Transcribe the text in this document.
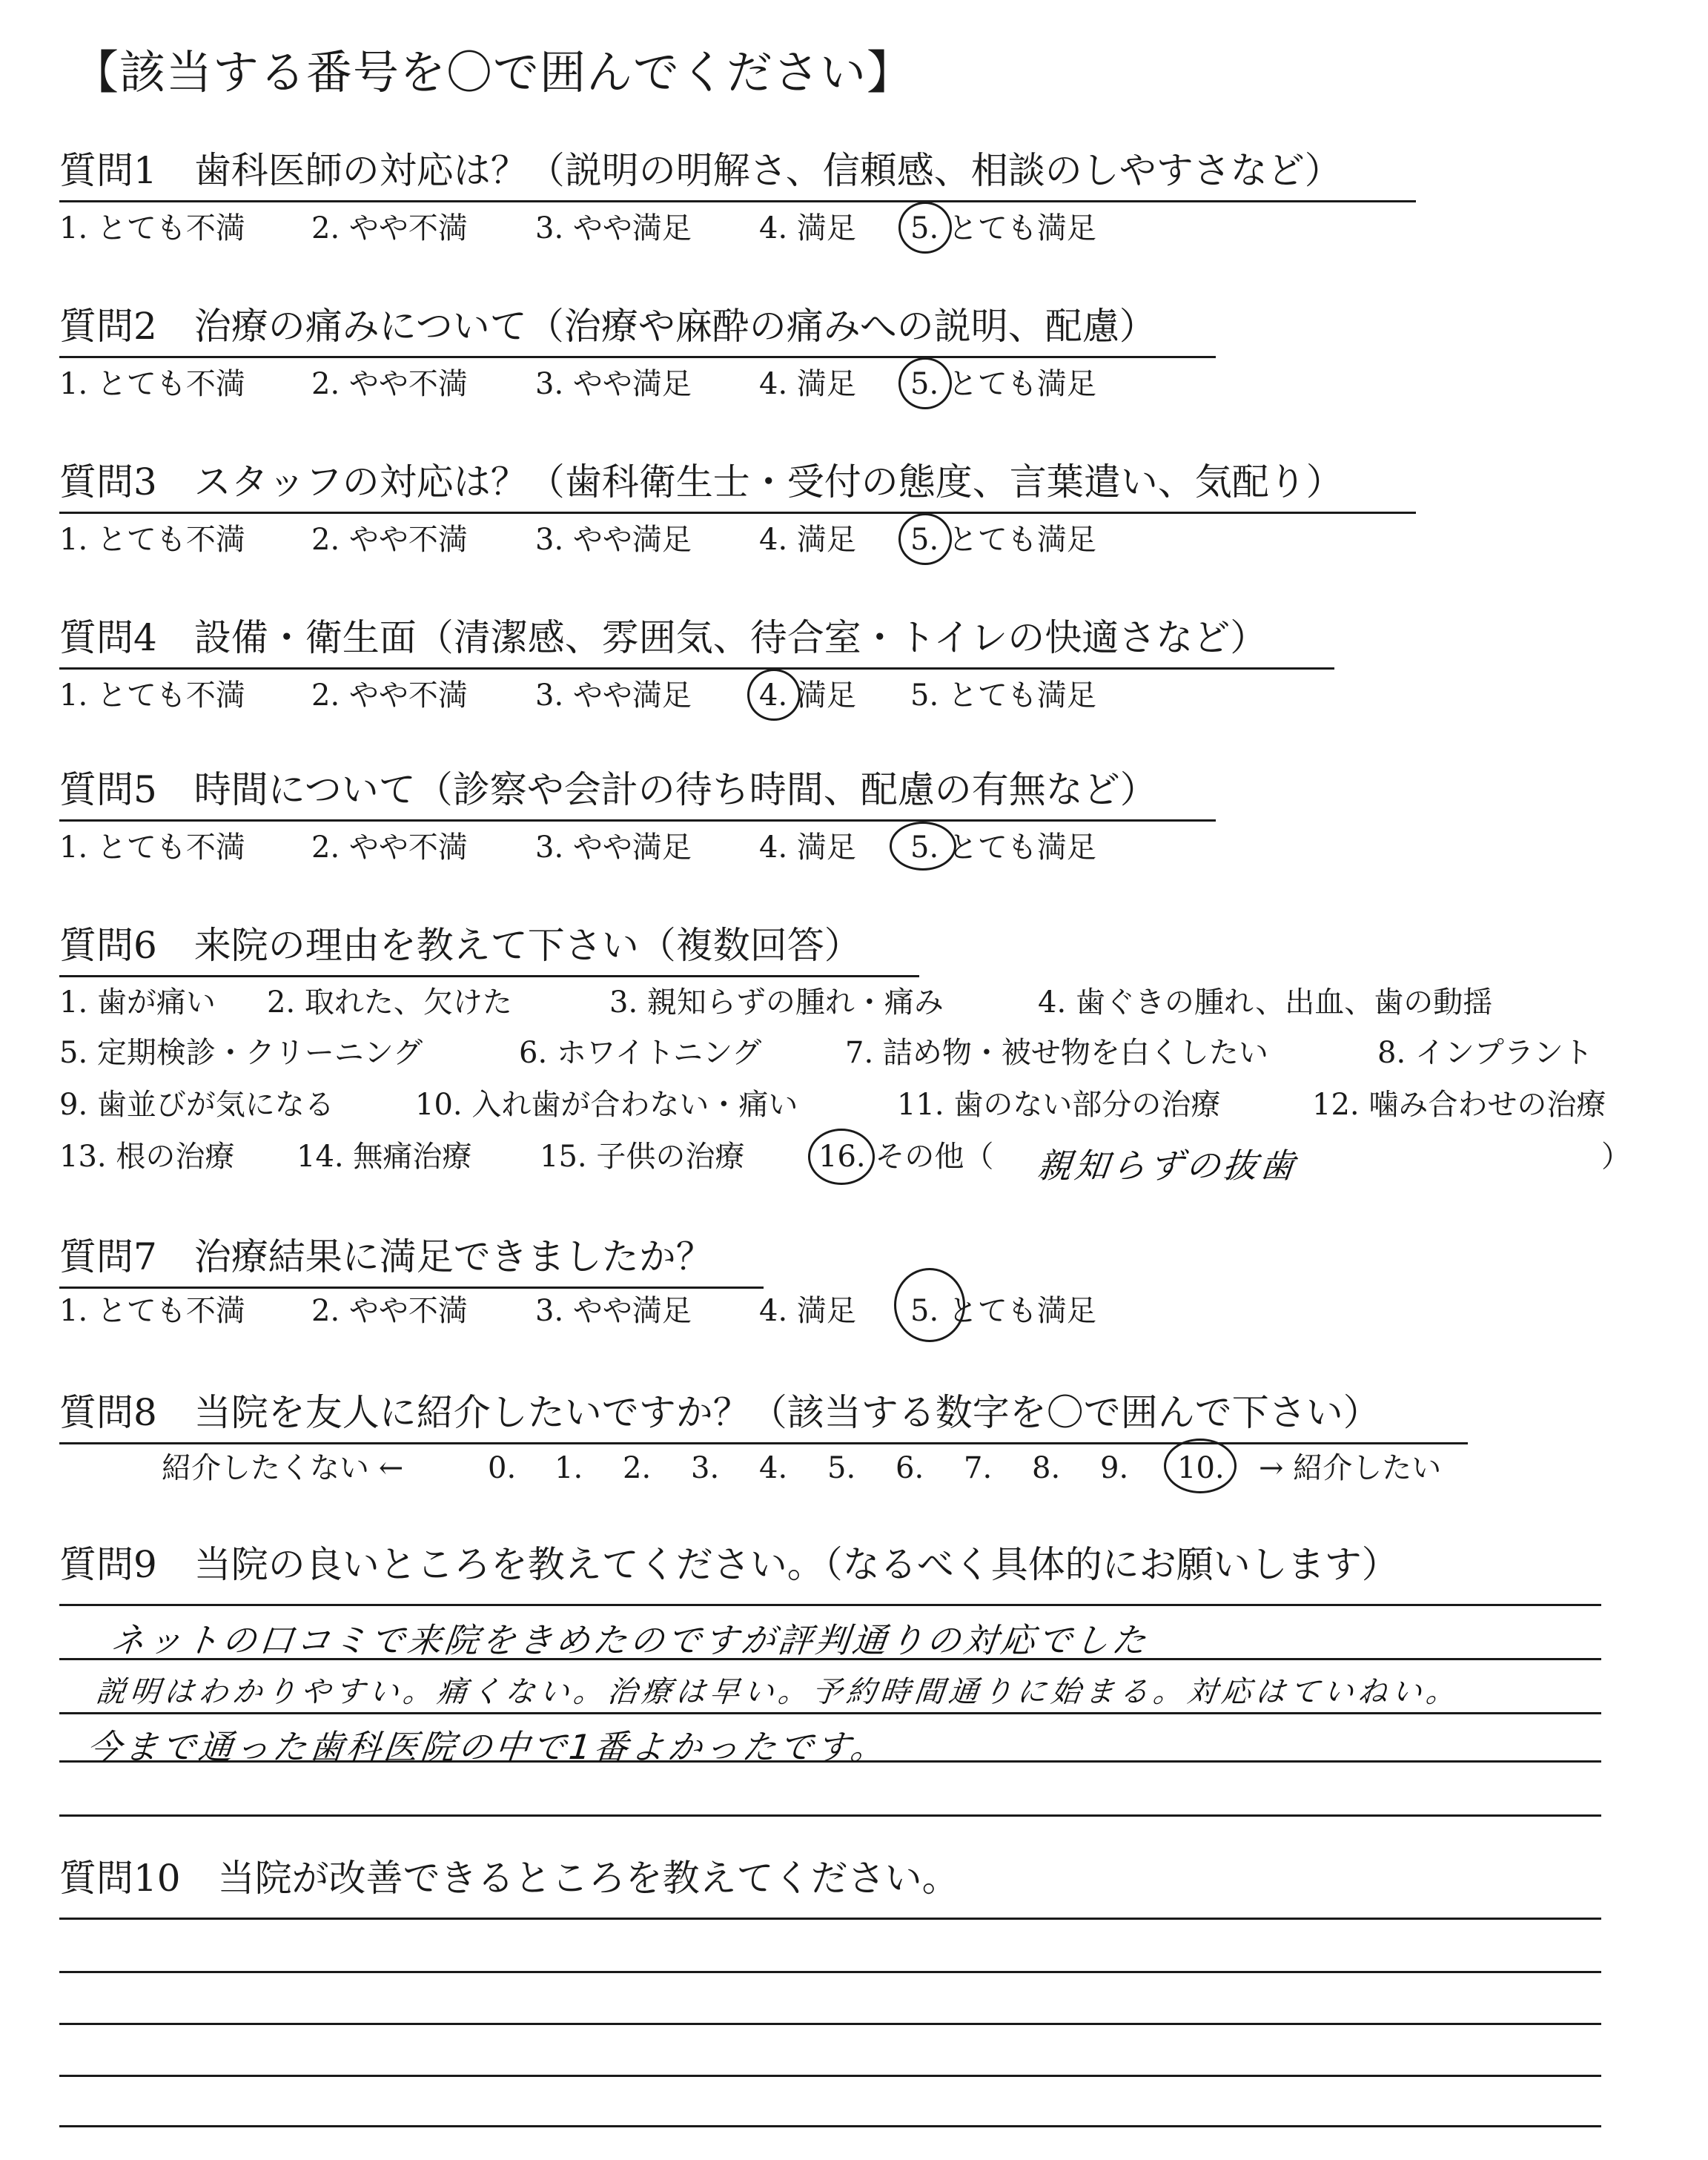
【該当する番号を〇で囲んでください】
質問1　歯科医師の対応は？（説明の明解さ、信頼感、相談のしやすさなど）
1. とても不満 2. やや不満 3. やや満足 4. 満足 5. とても満足
質問2　治療の痛みについて（治療や麻酔の痛みへの説明、配慮）
1. とても不満 2. やや不満 3. やや満足 4. 満足 5. とても満足
質問3　スタッフの対応は？（歯科衛生士・受付の態度、言葉遣い、気配り）
1. とても不満 2. やや不満 3. やや満足 4. 満足 5. とても満足
質問4　設備・衛生面（清潔感、雰囲気、待合室・トイレの快適さなど）
1. とても不満 2. やや不満 3. やや満足 4. 満足 5. とても満足
質問5　時間について（診察や会計の待ち時間、配慮の有無など）
1. とても不満 2. やや不満 3. やや満足 4. 満足 5. とても満足
質問6　来院の理由を教えて下さい（複数回答）
1. 歯が痛い 2. 取れた、欠けた	3. 親知らずの腫れ・痛み	4. 歯ぐきの腫れ、出血、歯の動揺
5. 定期検診・クリーニング	6. ホワイトニング	7. 詰め物・被せ物を白くしたい	8. インプラント
9. 歯並びが気になる	10. 入れ歯が合わない・痛い	11. 歯のない部分の治療	12. 噛み合わせの治療
13. 根の治療 14. 無痛治療 15. 子供の治療 16. その他（	）
親知らずの抜歯
質問7　治療結果に満足できましたか？
1. とても不満 2. やや不満 3. やや満足 4. 満足 5. とても満足
質問8　当院を友人に紹介したいですか？（該当する数字を〇で囲んで下さい）
紹介したくない ←	0. 1. 2. 3. 4. 5. 6. 7. 8. 9. 10. → 紹介したい
質問9　当院の良いところを教えてください。（なるべく具体的にお願いします）
ネットの口コミで来院をきめたのですが評判通りの対応でした
説明はわかりやすい。痛くない。治療は早い。予約時間通りに始まる。対応はていねい。
今まで通った歯科医院の中で1番よかったです。
質問10　当院が改善できるところを教えてください。
